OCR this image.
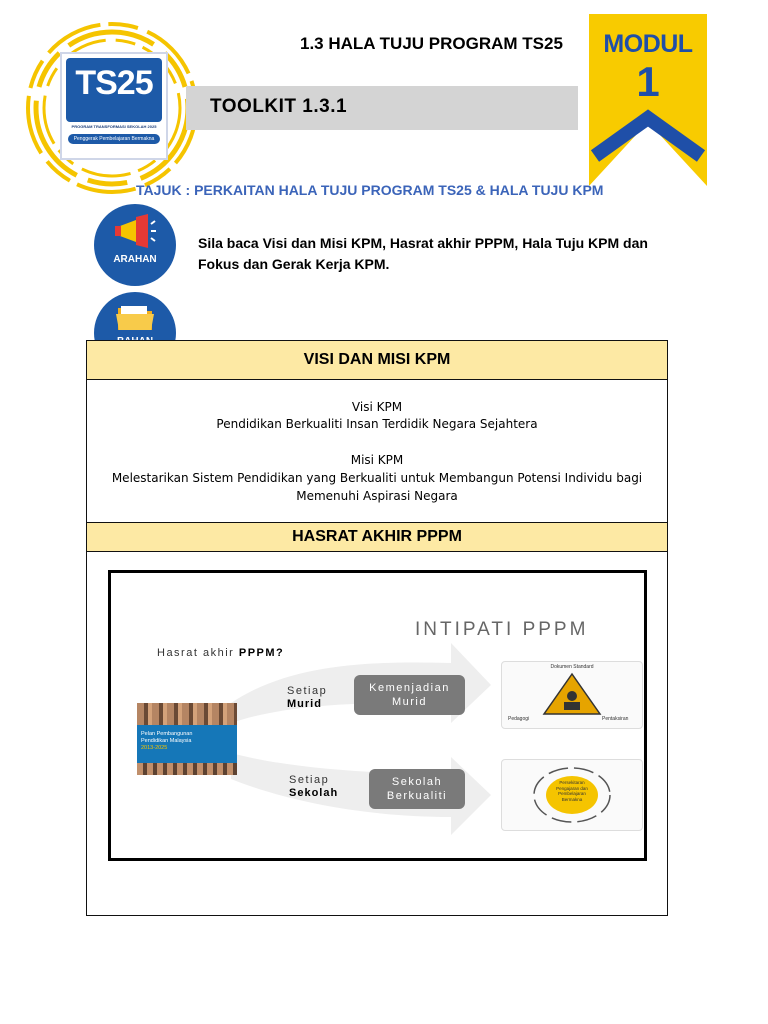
TS25
PROGRAM TRANSFORMASI SEKOLAH 2025
Penggerak Pembelajaran Bermakna
1.3 HALA TUJU PROGRAM TS25
TOOLKIT 1.3.1
MODUL
1
TAJUK : PERKAITAN HALA TUJU PROGRAM TS25 & HALA TUJU KPM
ARAHAN
Sila baca Visi dan Misi KPM, Hasrat akhir PPPM, Hala Tuju KPM dan Fokus dan Gerak Kerja KPM.
VISI DAN MISI KPM
Visi KPM
Pendidikan Berkualiti Insan Terdidik Negara Sejahtera
Misi KPM
Melestarikan Sistem Pendidikan yang Berkualiti untuk Membangun Potensi Individu bagi
Memenuhi Aspirasi Negara
HASRAT AKHIR PPPM
INTIPATI PPPM
Hasrat akhir PPPM?
Pelan Pembangunan
Pendidikan Malaysia
2013-2025
Setiap
Murid
Kemenjadian
Murid
Setiap
Sekolah
Sekolah
Berkualiti
Dokumen Standard
Pedagogi	Pentaksiran
Persekitaran
Pengajaran dan
Pembelajaran
Bermakna
